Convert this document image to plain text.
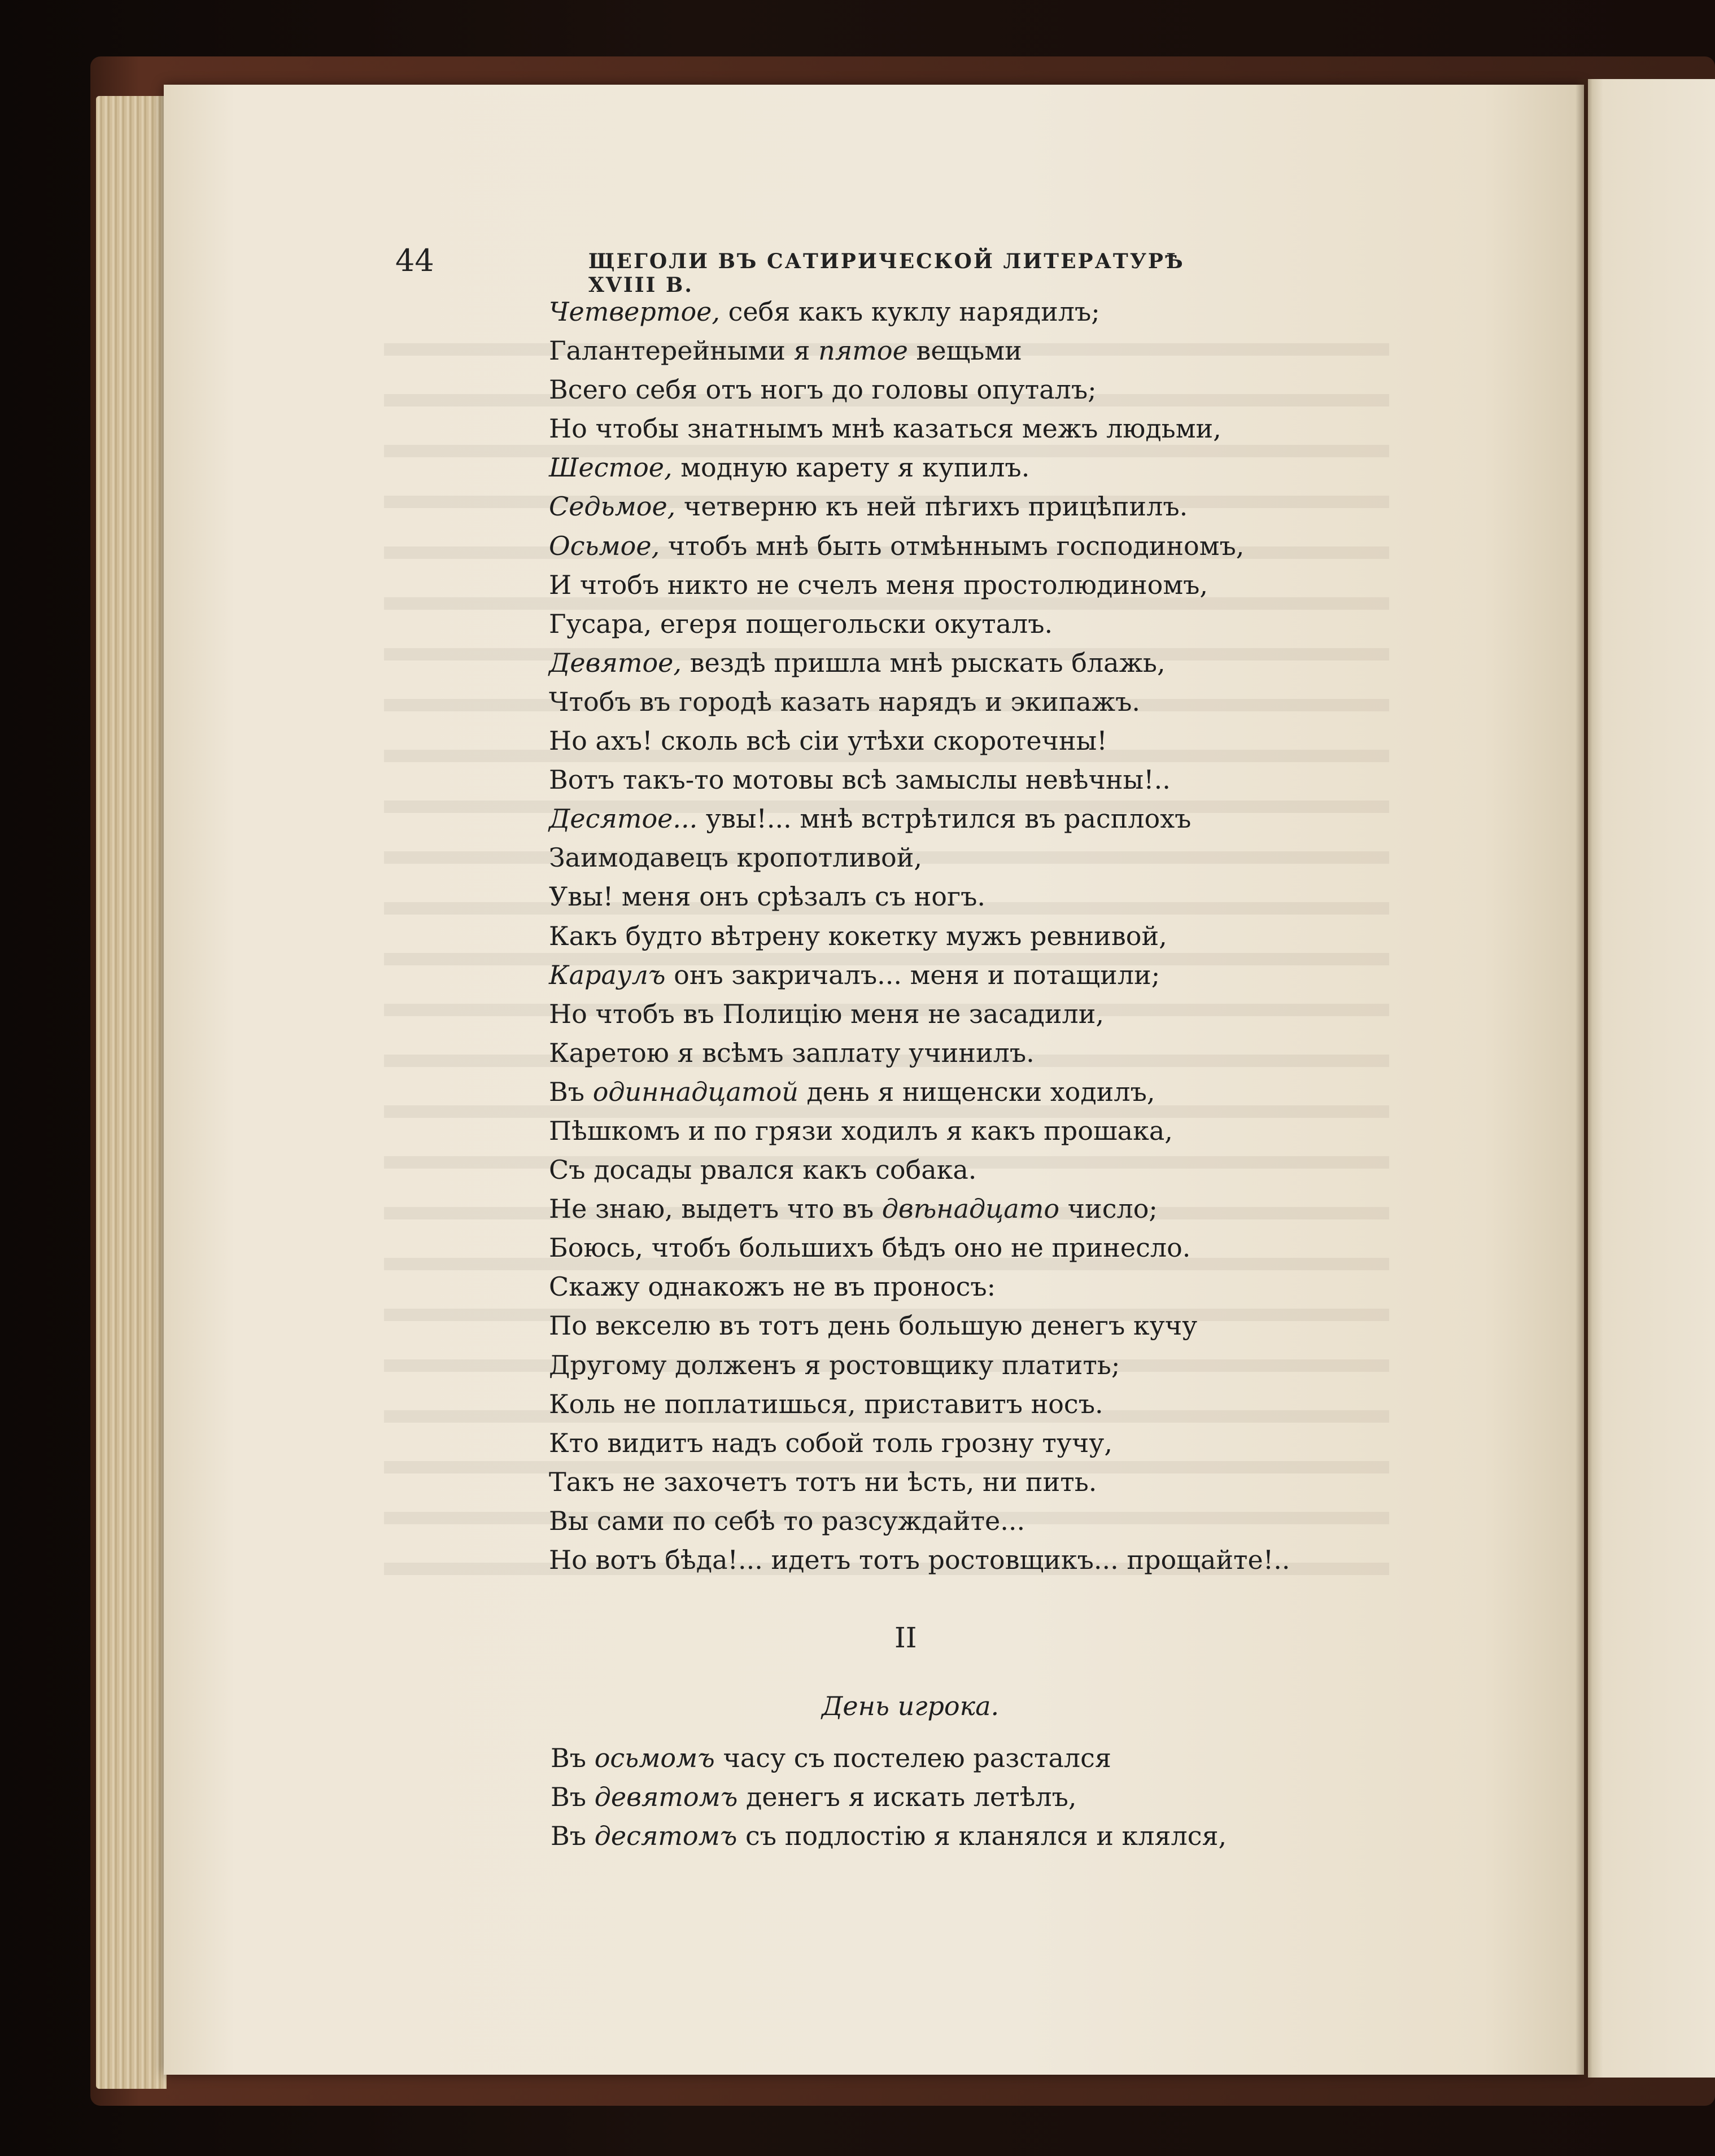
44	ЩЕГОЛИ ВЪ САТИРИЧЕСКОЙ ЛИТЕРАТУРѢ XVIII В.
Четвертое, себя какъ куклу нарядилъ;
Галантерейными я пятое вещьми
Всего себя отъ ногъ до головы опуталъ;
Но чтобы знатнымъ мнѣ казаться межъ людьми,
Шестое, модную карету я купилъ.
Седьмое, четверню къ ней пѣгихъ прицѣпилъ.
Осьмое, чтобъ мнѣ быть отмѣннымъ господиномъ,
И чтобъ никто не счелъ меня простолюдиномъ,
Гусара, егеря пощегольски окуталъ.
Девятое, вездѣ пришла мнѣ рыскать блажь,
Чтобъ въ городѣ казать нарядъ и экипажъ.
Но ахъ! сколь всѣ сіи утѣхи скоротечны!
Вотъ такъ-то мотовы всѣ замыслы невѣчны!..
Десятое... увы!... мнѣ встрѣтился въ расплохъ
Заимодавецъ кропотливой,
Увы! меня онъ срѣзалъ съ ногъ.
Какъ будто вѣтрену кокетку мужъ ревнивой,
Караулъ онъ закричалъ... меня и потащили;
Но чтобъ въ Полицію меня не засадили,
Каретою я всѣмъ заплату учинилъ.
Въ одиннадцатой день я нищенски ходилъ,
Пѣшкомъ и по грязи ходилъ я какъ прошака,
Съ досады рвался какъ собака.
Не знаю, выдетъ что въ двѣнадцато число;
Боюсь, чтобъ большихъ бѣдъ оно не принесло.
Скажу однакожъ не въ проносъ:
По векселю въ тотъ день большую денегъ кучу
Другому долженъ я ростовщику платить;
Коль не поплатишься, приставитъ носъ.
Кто видитъ надъ собой толь грозну тучу,
Такъ не захочетъ тотъ ни ѣсть, ни пить.
Вы сами по себѣ то разсуждайте...
Но вотъ бѣда!... идетъ тотъ ростовщикъ... прощайте!..
II
День игрока.
Въ осьмомъ часу съ постелею разстался
Въ девятомъ денегъ я искать летѣлъ,
Въ десятомъ съ подлостію я кланялся и клялся,
